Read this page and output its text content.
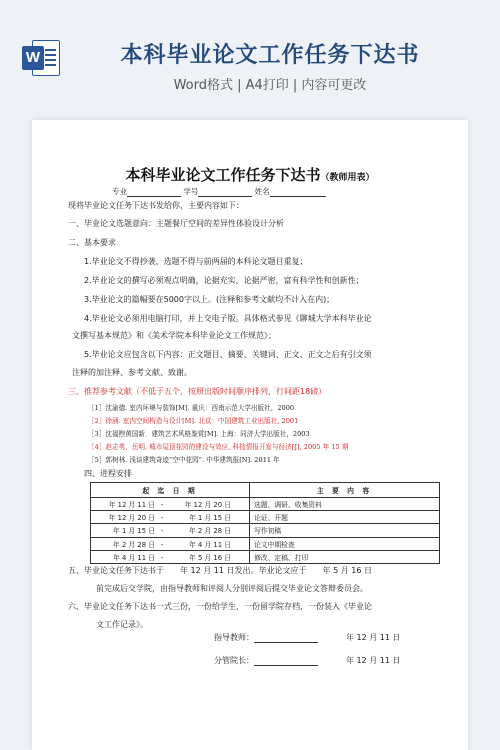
W	本科毕业论文工作任务下达书
Word格式 | A4打印 | 内容可更改
本科毕业论文工作任务下达书（教师用表）
专业	学号	姓名
现将毕业论文任务下达书发给你，主要内容如下：
一、毕业论文选题意向：主题餐厅空间的差异性体验设计分析
二、基本要求
1.毕业论文不得抄袭，选题不得与前两届的本科论文题目重复；
2.毕业论文的撰写必须观点明确，论据充实，论据严密，富有科学性和创新性；
3.毕业论文的篇幅要在5000字以上。(注释和参考文献均不计入在内)；
4.毕业论文必须用电脑打印，并上交电子版。具体格式参见《聊城大学本科毕业论
文撰写基本规范》和《美术学院本科毕业论文工作规范》；
5.毕业论文应包含以下内容：正文题目、摘要、关键词、正文、正文之后有引文须
注释的加注释、参考文献、致谢。
三、推荐参考文献（不低于五个，按照出版时间顺序排列，行间距18磅）
［1］沈渝德. 室内环境与装饰[M]. 重庆：西南示范大学出版社，2000
［2］徐涵. 室内空间构造与设计[M]. 北京：中国建筑工业出版社, 2001
［3］沈福煦黄国新．建筑艺术风格鉴赏[M]. 上海：同济大学出版社，2003
［4］赵志勇，岳明. 城市屋顶花园的建设与效应, 科技情报开发与经济[J], 2005 年 15 期
［5］郭树林. 浅谈建筑奇迹“空中花园”. 中华建筑报[N]. 2011 年
四、进程安排
起 迄 日 期	主 要 内 容
年 12 月 11 日 - 年 12 月 20 日	选题、调研、收集资料
年 12 月 20 日 - 年 1 月 15 日	论证、开题
年 1 月 15 日 - 年 2 月 28 日	写作初稿
年 2 月 28 日 - 年 4 月 11 日	论文中期检查
年 4 月 11 日 - 年 5 月 16 日	修改、定稿、打印
五、毕业论文任务下达书于　　年 12 月 11 日发出。毕业论文应于　　年 5 月 16 日
前完成后交学院，由指导教师和评阅人分别评阅后提交毕业论文答辩委员会。
六、毕业论文任务下达书一式三份，一份给学生，一份留学院存档，一份装入《毕业论
文工作记录》。
指导教师：	年 12 月 11 日
分管院长：	年 12 月 11 日
